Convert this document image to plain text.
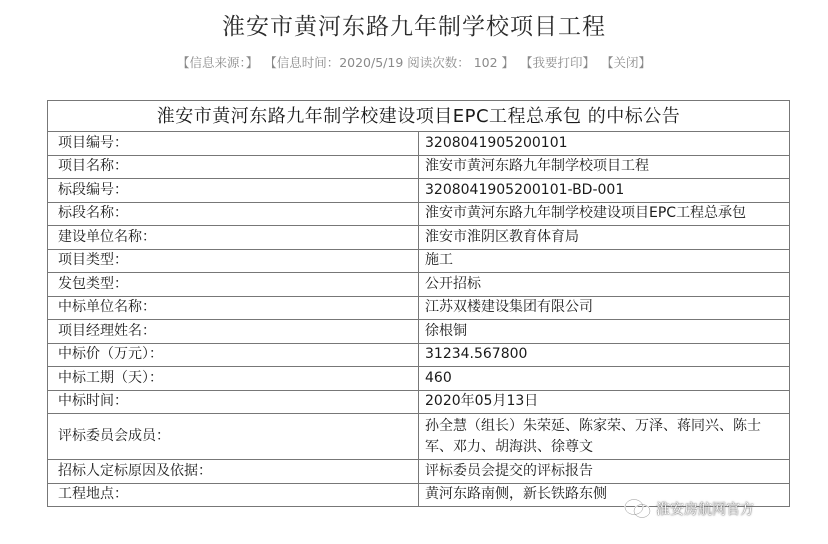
淮安市黄河东路九年制学校项目工程
【信息来源：】 【信息时间：2020/5/19 阅读次数： 102 】 【我要打印】 【关闭】
淮安市黄河东路九年制学校建设项目EPC工程总承包 的中标公告	
项目编号：	3208041905200101
项目名称：	淮安市黄河东路九年制学校项目工程
标段编号：	3208041905200101-BD-001
标段名称：	淮安市黄河东路九年制学校建设项目EPC工程总承包
建设单位名称：	淮安市淮阴区教育体育局
项目类型：	施工
发包类型：	公开招标
中标单位名称：	江苏双楼建设集团有限公司
项目经理姓名：	徐根铜
中标价（万元）：	31234.567800
中标工期（天）：	460
中标时间：	2020年05月13日
评标委员会成员：	孙全慧（组长）朱荣延、陈家荣、万泽、蒋同兴、陈士军、邓力、胡海洪、徐尊文
招标人定标原因及依据：	评标委员会提交的评标报告
工程地点：	黄河东路南侧，新长铁路东侧
淮安房航网官方
